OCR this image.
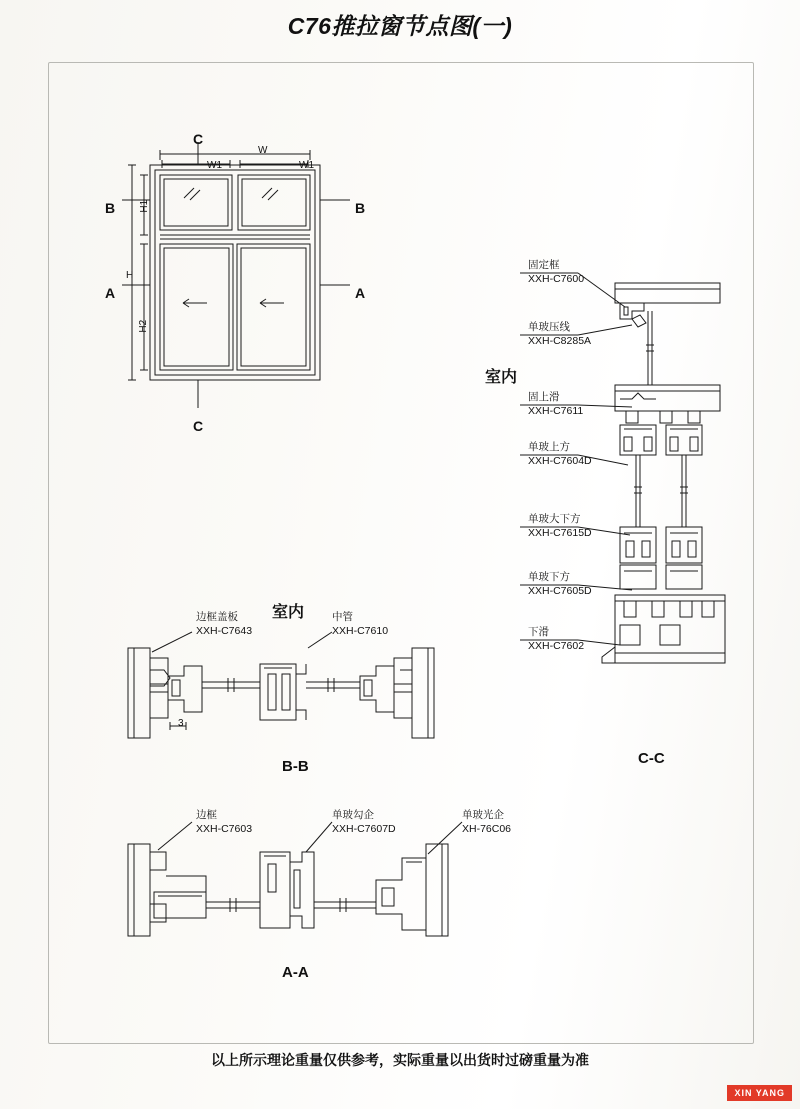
C76推拉窗节点图(一)
C
C
B	B
A	A
W
W1	W1
H
H1
H2
室内
C-C
固定框
XXH-C7600
单玻压线
XXH-C8285A
固上滑
XXH-C7611
单玻上方
XXH-C7604D
单玻大下方
XXH-C7615D
单玻下方
XXH-C7605D
下滑
XXH-C7602
室内
B-B
3
边框盖板
XXH-C7643
中管
XXH-C7610
A-A
边框
XXH-C7603
单玻勾企
XXH-C7607D
单玻光企
XH-76C06
以上所示理论重量仅供参考，实际重量以出货时过磅重量为准
XIN YANG
